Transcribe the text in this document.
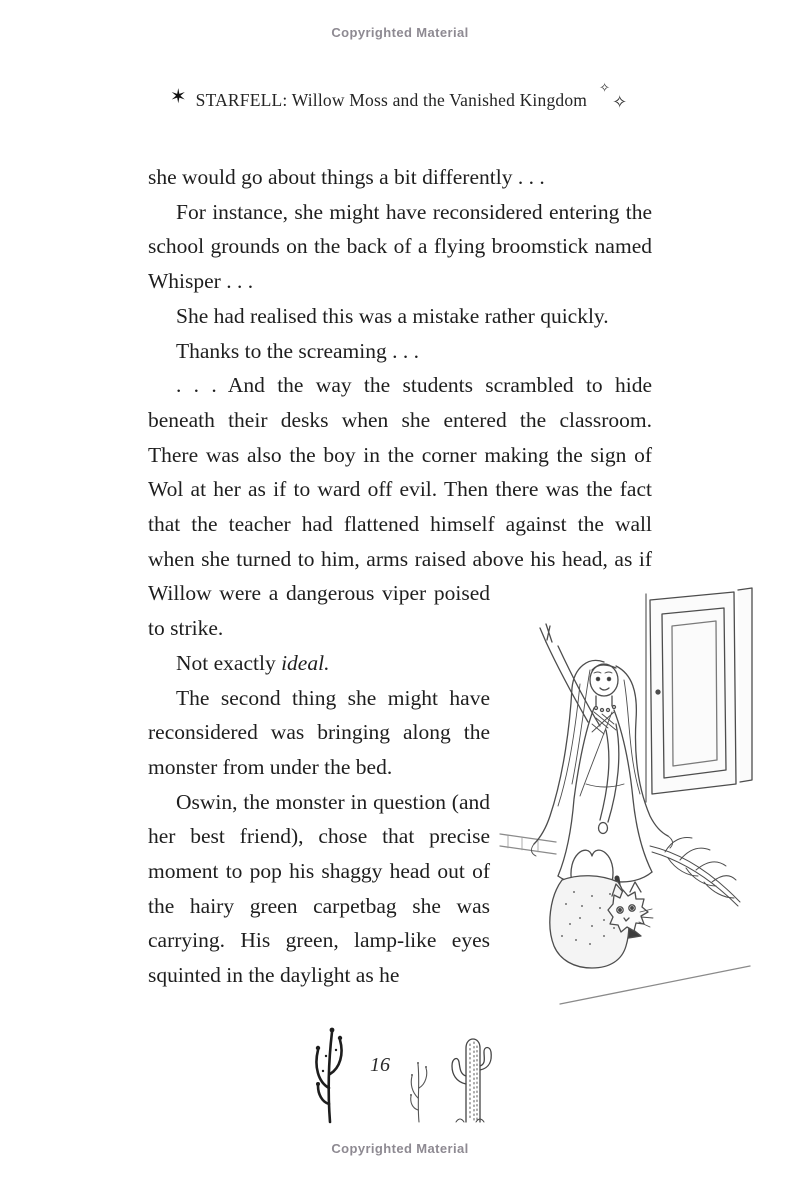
Copyrighted Material
✶ STARFELL: Willow Moss and the Vanished Kingdom
✧
✧

she would go about things a bit differently . . .

For instance, she might have reconsidered entering the school grounds on the back of a flying broomstick named Whisper . . .

She had realised this was a mistake rather quickly.

Thanks to the screaming . . .

. . . And the way the students scrambled to hide beneath their desks when she entered the classroom. There was also the boy in the corner making the sign of Wol at her as if to ward off evil. Then there was the fact that the teacher had flattened himself against the wall when she turned to him, arms raised above his
head, as if Willow were a dangerous viper poised to strike.

Not exactly ideal.

The second thing she might have reconsidered was bringing along the monster from under the bed.

Oswin, the monster in question (and her best friend), chose that precise moment to pop his shaggy head out of the hairy green carpetbag she was carrying. His green, lamp-like eyes squinted in the daylight as he

16
Copyrighted Material
